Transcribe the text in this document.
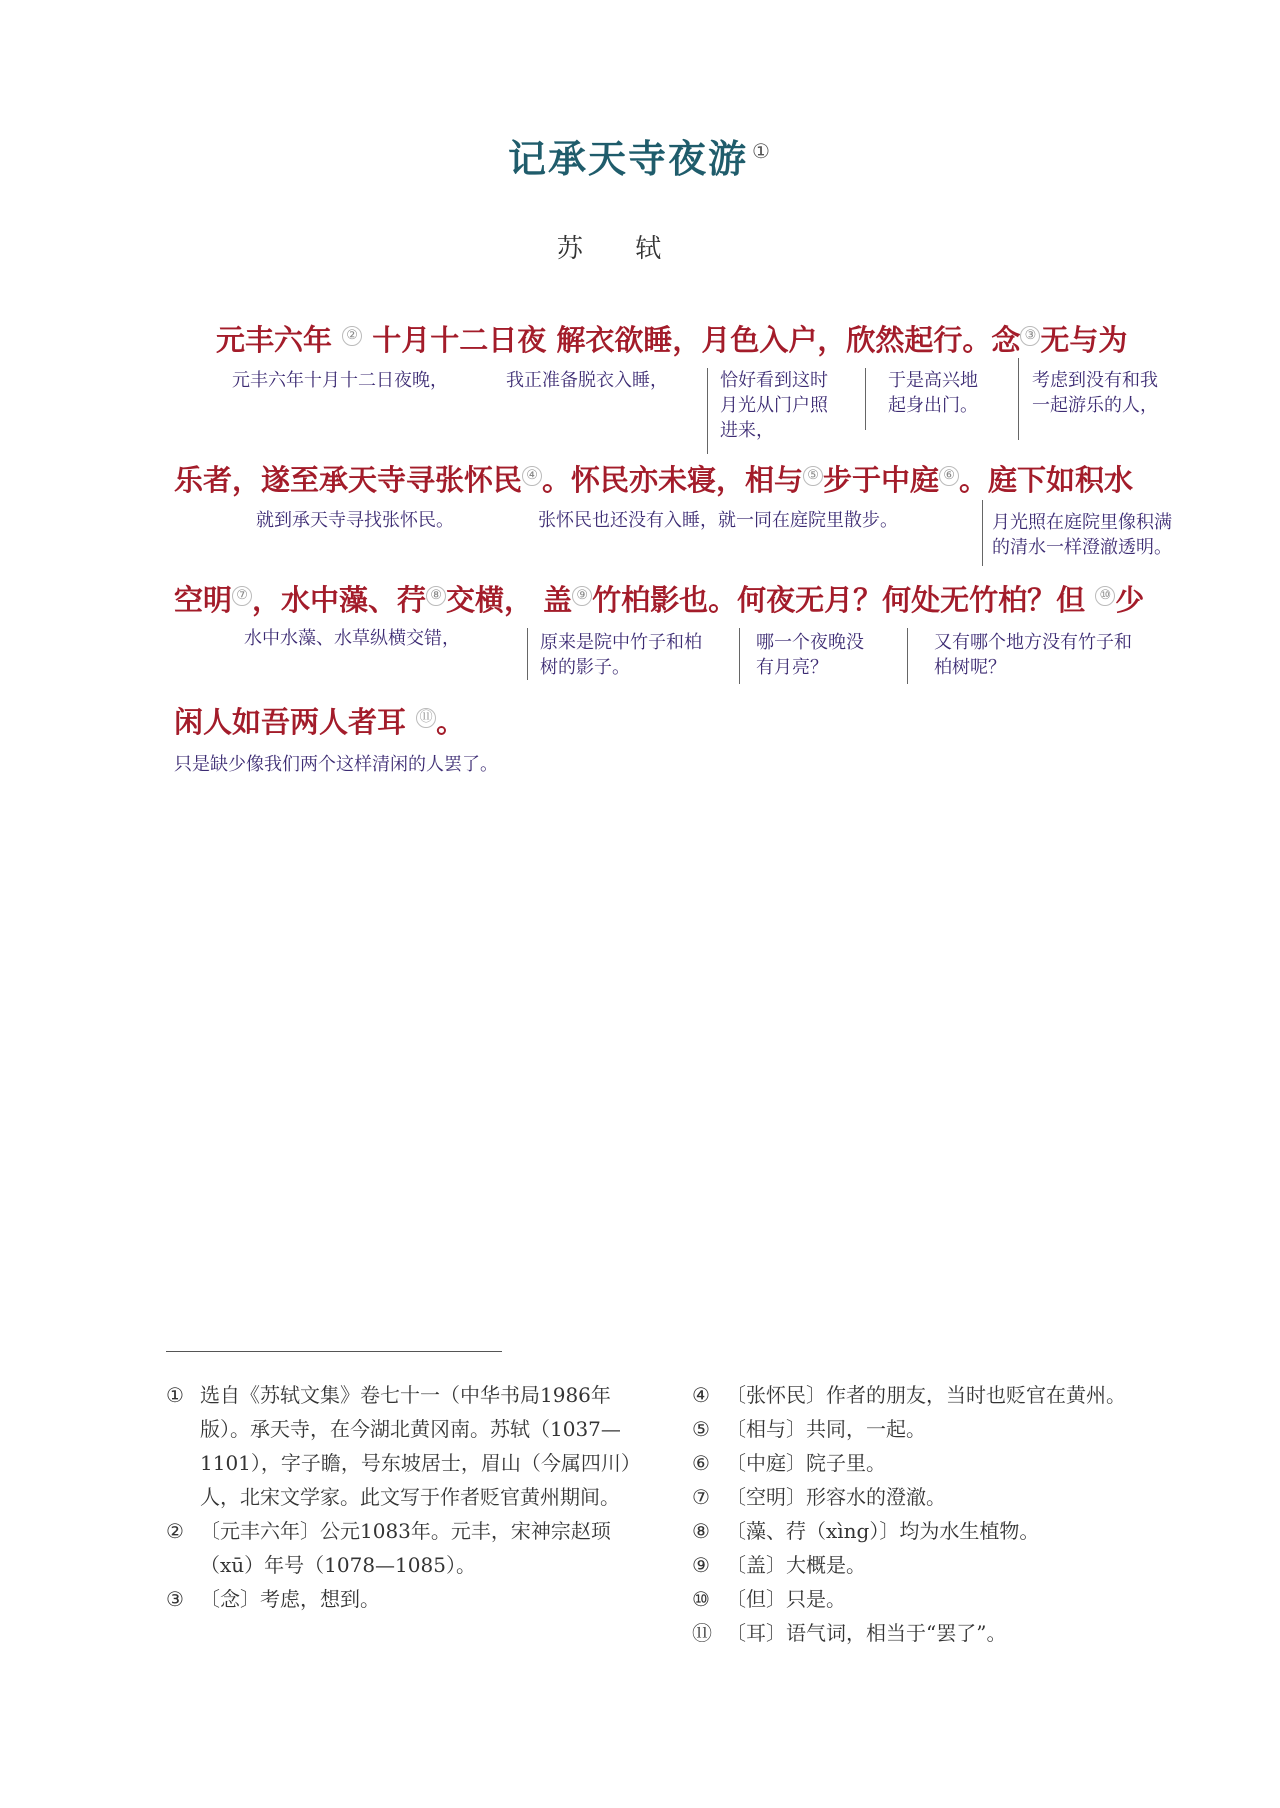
记承天寺夜游 ①
苏 轼
元丰六年 ② 十月十二日夜 解衣欲睡，月色入户，欣然起行。念 ③ 无与为
元丰六年十月十二日夜晚，	我正准备脱衣入睡，	恰好看到这时
月光从门户照
进来，
于是高兴地
起身出门。
考虑到没有和我
一起游乐的人，
乐者，遂至承天寺寻张怀民 ④ 。怀民亦未寝，相与 ⑤ 步于中庭 ⑥ 。庭下如积水
就到承天寺寻找张怀民。	张怀民也还没有入睡，就一同在庭院里散步。	月光照在庭院里像积满
的清水一样澄澈透明。
空明 ⑦ ，水中藻、荇 ⑧ 交横， 盖 ⑨ 竹柏影也。何夜无月？何处无竹柏？但 ⑩ 少
水中水藻、水草纵横交错，	原来是院中竹子和柏
树的影子。
哪一个夜晚没
有月亮？
又有哪个地方没有竹子和
柏树呢？
闲人如吾两人者耳 ⑪ 。
只是缺少像我们两个这样清闲的人罢了。
① 选自《苏轼文集》卷七十一（中华书局1986年版）。承天寺，在今湖北黄冈南。苏轼（1037—1101），字子瞻，号东坡居士，眉山（今属四川）人，北宋文学家。此文写于作者贬官黄州期间。
② 〔元丰六年〕公元1083年。元丰，宋神宗赵顼（xū）年号（1078—1085）。
③ 〔念〕考虑，想到。
④ 〔张怀民〕作者的朋友，当时也贬官在黄州。
⑤ 〔相与〕共同，一起。
⑥ 〔中庭〕院子里。
⑦ 〔空明〕形容水的澄澈。
⑧ 〔藻、荇（xìng）〕均为水生植物。
⑨ 〔盖〕大概是。
⑩ 〔但〕只是。
⑪ 〔耳〕语气词，相当于“罢了”。
